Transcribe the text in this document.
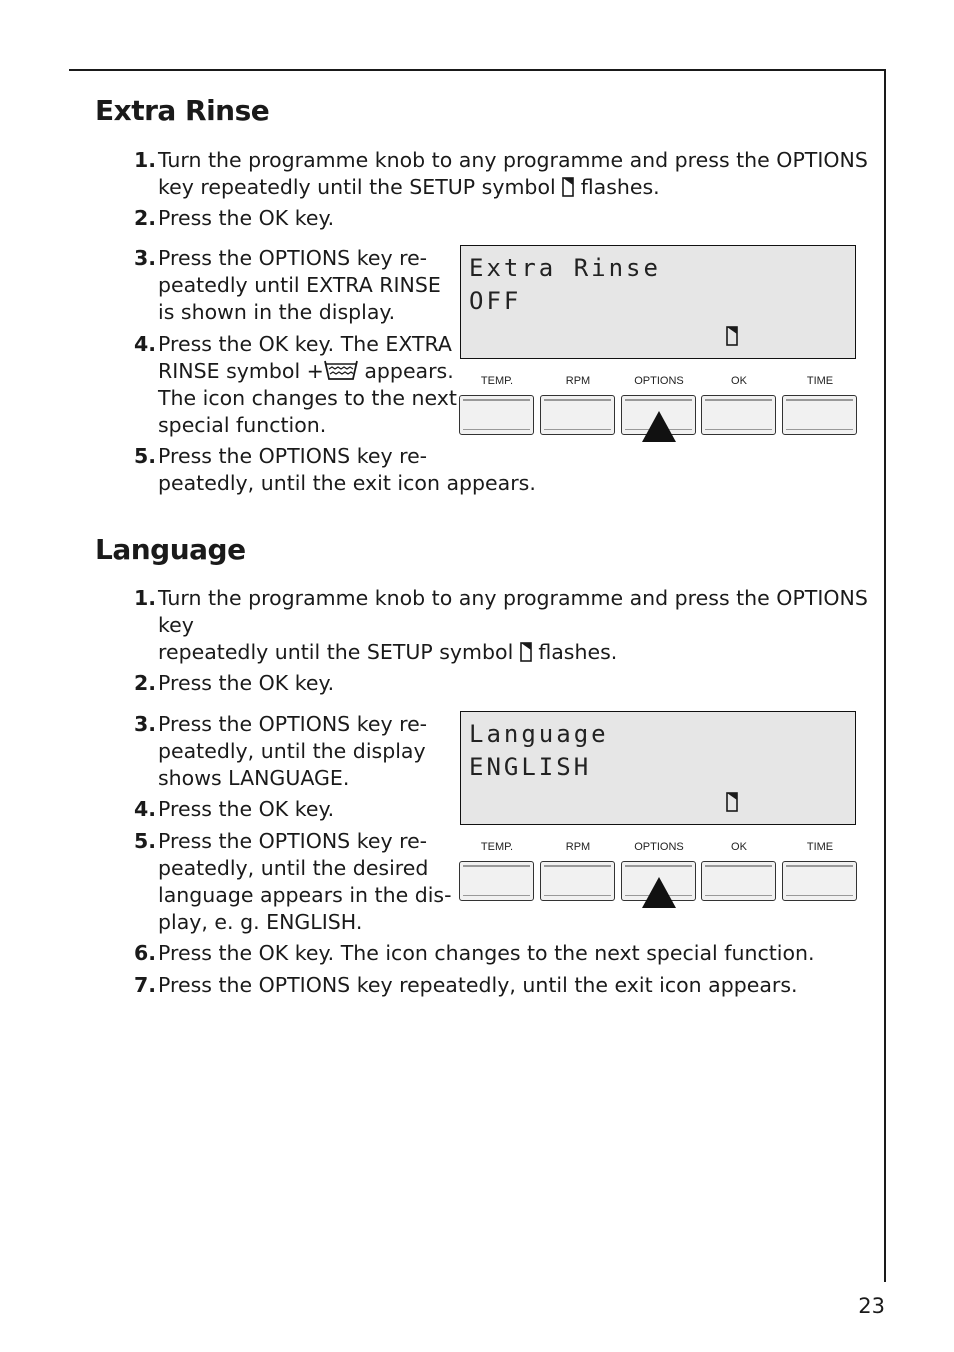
Extra Rinse

1. Turn the programme knob to any programme and press the OPTIONS
key repeatedly until the SETUP symbol  flashes.

2. Press the OK key.

3. Press the OPTIONS key re-
peatedly until EXTRA RINSE
is shown in the display.

4. Press the OK key. The EXTRA
RINSE symbol + appears.
The icon changes to the next
special function.

5. Press the OPTIONS key re-
peatedly, until the exit icon appears.

Extra Rinse
OFF
TEMP.	RPM	OPTIONS	OK	TIME
Language

1. Turn the programme knob to any programme and press the OPTIONS
key
repeatedly until the SETUP symbol  flashes.

2. Press the OK key.

3. Press the OPTIONS key re-
peatedly, until the display
shows LANGUAGE.

4. Press the OK key.

5. Press the OPTIONS key re-
peatedly, until the desired
language appears in the dis-
play, e. g. ENGLISH.

6. Press the OK key. The icon changes to the next special function.

7. Press the OPTIONS key repeatedly, until the exit icon appears.

Language
ENGLISH
TEMP.	RPM	OPTIONS	OK	TIME
23
